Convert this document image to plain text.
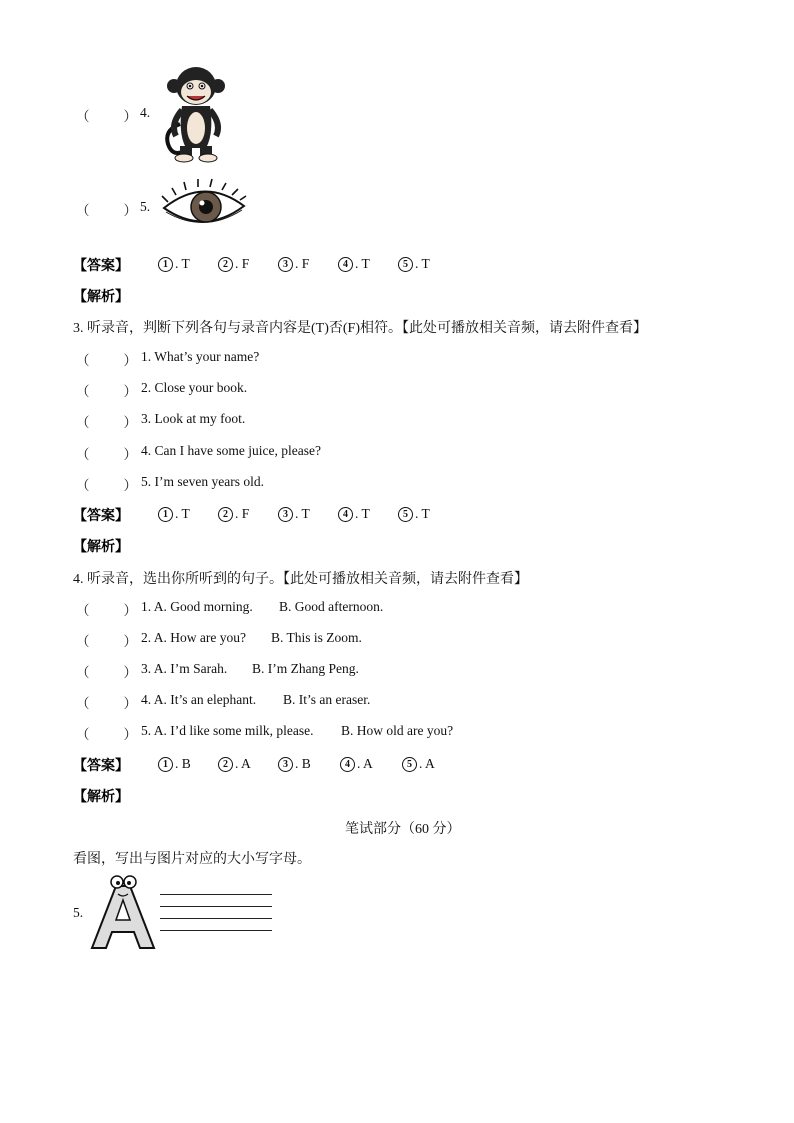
（	） 4.
（	） 5.
【答案】	1 . T	2 . F	3 . F	4 . T	5 . T
【解析】
3. 听录音，判断下列各句与录音内容是(T)否(F)相符。【此处可播放相关音频，请去附件查看】
（	） 1. What’s your name?
（	） 2. Close your book.
（	） 3. Look at my foot.
（	） 4. Can I have some juice, please?
（	） 5. I’m seven years old.
【答案】	1 . T	2 . F	3 . T	4 . T	5 . T
【解析】
4. 听录音，选出你所听到的句子。【此处可播放相关音频，请去附件查看】
（	） 1. A. Good morning. B. Good afternoon.
（	） 2. A. How are you? B. This is Zoom.
（	） 3. A. I’m Sarah. B. I’m Zhang Peng.
（	） 4. A. It’s an elephant. B. It’s an eraser.
（	） 5. A. I’d like some milk, please. B. How old are you?
【答案】	1 . B	2 . A	3 . B	4 . A	5 . A
【解析】
笔试部分（60 分）
看图，写出与图片对应的大小写字母。
5.
